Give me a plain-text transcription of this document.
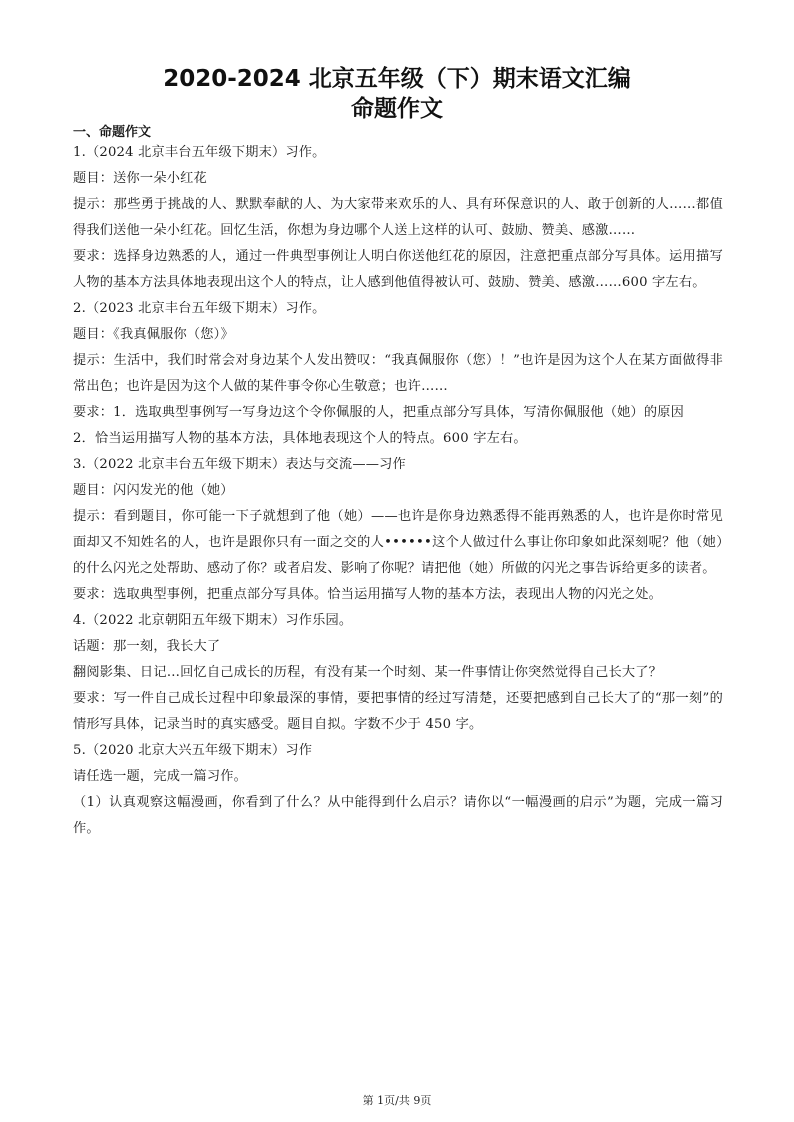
2020-2024 北京五年级（下）期末语文汇编
命题作文
一、命题作文

1.（2024 北京丰台五年级下期末）习作。

题目：送你一朵小红花

提示：那些勇于挑战的人、默默奉献的人、为大家带来欢乐的人、具有环保意识的人、敢于创新的人……都值得我们送他一朵小红花。回忆生活，你想为身边哪个人送上这样的认可、鼓励、赞美、感激……

要求：选择身边熟悉的人，通过一件典型事例让人明白你送他红花的原因，注意把重点部分写具体。运用描写人物的基本方法具体地表现出这个人的特点，让人感到他值得被认可、鼓励、赞美、感激……600 字左右。

2.（2023 北京丰台五年级下期末）习作。

题目：《我真佩服你（您）》

提示：生活中，我们时常会对身边某个人发出赞叹：“我真佩服你（您）！”也许是因为这个人在某方面做得非常出色；也许是因为这个人做的某件事令你心生敬意；也许……

要求：1．选取典型事例写一写身边这个令你佩服的人，把重点部分写具体，写清你佩服他（她）的原因

2．恰当运用描写人物的基本方法，具体地表现这个人的特点。600 字左右。

3.（2022 北京丰台五年级下期末）表达与交流——习作

题目：闪闪发光的他（她）

提示：看到题目，你可能一下子就想到了他（她）——也许是你身边熟悉得不能再熟悉的人，也许是你时常见面却又不知姓名的人，也许是跟你只有一面之交的人••••••这个人做过什么事让你印象如此深刻呢？他（她）的什么闪光之处帮助、感动了你？或者启发、影响了你呢？请把他（她）所做的闪光之事告诉给更多的读者。

要求：选取典型事例，把重点部分写具体。恰当运用描写人物的基本方法，表现出人物的闪光之处。

4.（2022 北京朝阳五年级下期末）习作乐园。

话题：那一刻，我长大了

翻阅影集、日记…回忆自己成长的历程，有没有某一个时刻、某一件事情让你突然觉得自己长大了？

要求：写一件自己成长过程中印象最深的事情，要把事情的经过写清楚，还要把感到自己长大了的“那一刻”的情形写具体，记录当时的真实感受。题目自拟。字数不少于 450 字。

5.（2020 北京大兴五年级下期末）习作

请任选一题，完成一篇习作。

（1）认真观察这幅漫画，你看到了什么？从中能得到什么启示？请你以“一幅漫画的启示”为题，完成一篇习作。

第 1页/共 9页
